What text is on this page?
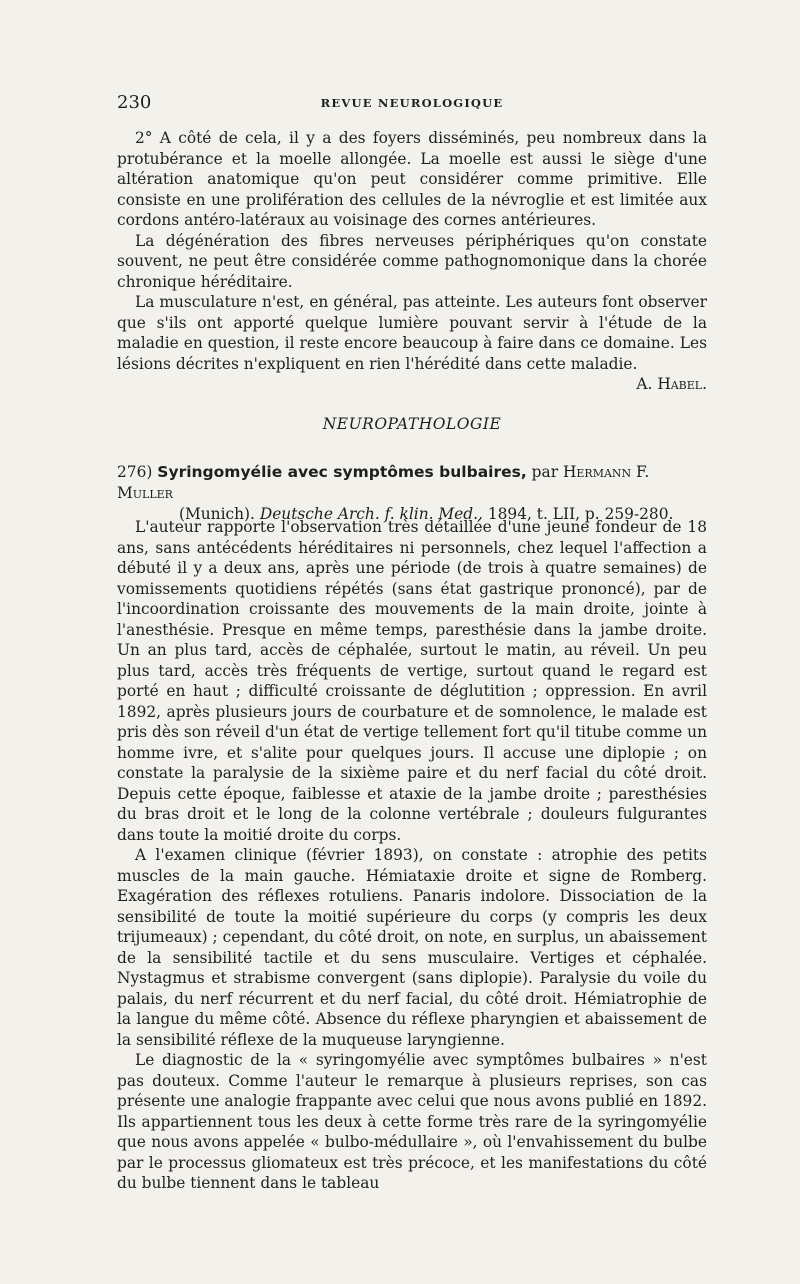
230	REVUE NEUROLOGIQUE

2° A côté de cela, il y a des foyers disséminés, peu nombreux dans la protubérance et la moelle allongée. La moelle est aussi le siège d'une altération anatomique qu'on peut considérer comme primitive. Elle consiste en une prolifération des cellules de la névroglie et est limitée aux cordons antéro-latéraux au voisinage des cornes antérieures.

La dégénération des fibres nerveuses périphériques qu'on constate souvent, ne peut être considérée comme pathognomonique dans la chorée chronique héréditaire.

La musculature n'est, en général, pas atteinte. Les auteurs font observer que s'ils ont apporté quelque lumière pouvant servir à l'étude de la maladie en question, il reste encore beaucoup à faire dans ce domaine. Les lésions décrites n'expliquent en rien l'hérédité dans cette maladie.
A. Habel.

NEUROPATHOLOGIE
276) Syringomyélie avec symptômes bulbaires, par Hermann F. Muller
(Munich). Deutsche Arch. f. klin. Med., 1894, t. LII, p. 259-280.

L'auteur rapporte l'observation très détaillée d'une jeune fondeur de 18 ans, sans antécédents héréditaires ni personnels, chez lequel l'affection a débuté il y a deux ans, après une période (de trois à quatre semaines) de vomissements quotidiens répétés (sans état gastrique prononcé), par de l'incoordination croissante des mouvements de la main droite, jointe à l'anesthésie. Presque en même temps, paresthésie dans la jambe droite. Un an plus tard, accès de céphalée, surtout le matin, au réveil. Un peu plus tard, accès très fréquents de vertige, surtout quand le regard est porté en haut ; difficulté croissante de déglutition ; oppression. En avril 1892, après plusieurs jours de courbature et de somnolence, le malade est pris dès son réveil d'un état de vertige tellement fort qu'il titube comme un homme ivre, et s'alite pour quelques jours. Il accuse une diplopie ; on constate la paralysie de la sixième paire et du nerf facial du côté droit. Depuis cette époque, faiblesse et ataxie de la jambe droite ; paresthésies du bras droit et le long de la colonne vertébrale ; douleurs fulgurantes dans toute la moitié droite du corps.

A l'examen clinique (février 1893), on constate : atrophie des petits muscles de la main gauche. Hémiataxie droite et signe de Romberg. Exagération des réflexes rotuliens. Panaris indolore. Dissociation de la sensibilité de toute la moitié supérieure du corps (y compris les deux trijumeaux) ; cependant, du côté droit, on note, en surplus, un abaissement de la sensibilité tactile et du sens musculaire. Vertiges et céphalée. Nystagmus et strabisme convergent (sans diplopie). Paralysie du voile du palais, du nerf récurrent et du nerf facial, du côté droit. Hémiatrophie de la langue du même côté. Absence du réflexe pharyngien et abaissement de la sensibilité réflexe de la muqueuse laryngienne.

Le diagnostic de la « syringomyélie avec symptômes bulbaires » n'est pas douteux. Comme l'auteur le remarque à plusieurs reprises, son cas présente une analogie frappante avec celui que nous avons publié en 1892. Ils appartiennent tous les deux à cette forme très rare de la syringomyélie que nous avons appelée « bulbo-médullaire », où l'envahissement du bulbe par le processus gliomateux est très précoce, et les manifestations du côté du bulbe tiennent dans le tableau
